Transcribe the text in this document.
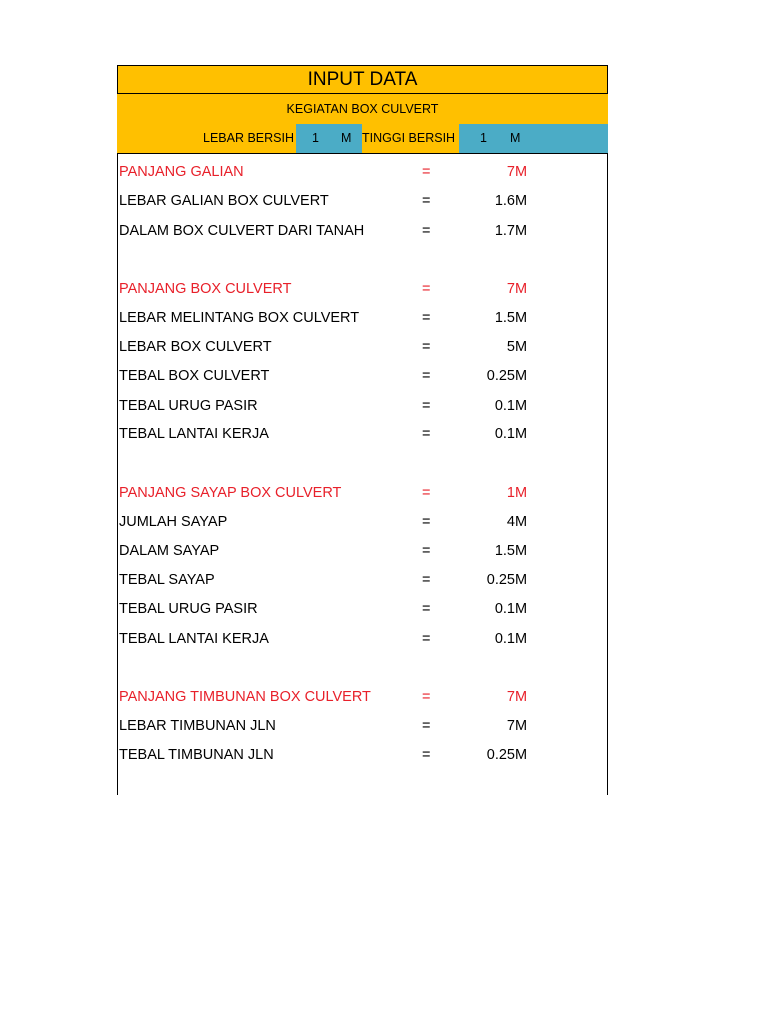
INPUT DATA
KEGIATAN BOX CULVERT
LEBAR BERSIH 1 M TINGGI BERSIH 1 M
PANJANG GALIAN	=	7 M
LEBAR GALIAN BOX CULVERT	=	1.6 M
DALAM BOX CULVERT DARI TANAH	=	1.7 M
PANJANG BOX CULVERT	=	7 M
LEBAR MELINTANG BOX CULVERT	=	1.5 M
LEBAR BOX CULVERT	=	5 M
TEBAL BOX CULVERT	=	0.25 M
TEBAL URUG PASIR	=	0.1 M
TEBAL LANTAI KERJA	=	0.1 M
PANJANG SAYAP BOX CULVERT	=	1 M
JUMLAH SAYAP	=	4 M
DALAM SAYAP	=	1.5 M
TEBAL SAYAP	=	0.25 M
TEBAL URUG PASIR	=	0.1 M
TEBAL LANTAI KERJA	=	0.1 M
PANJANG TIMBUNAN BOX CULVERT	=	7 M
LEBAR TIMBUNAN JLN	=	7 M
TEBAL TIMBUNAN JLN	=	0.25 M
